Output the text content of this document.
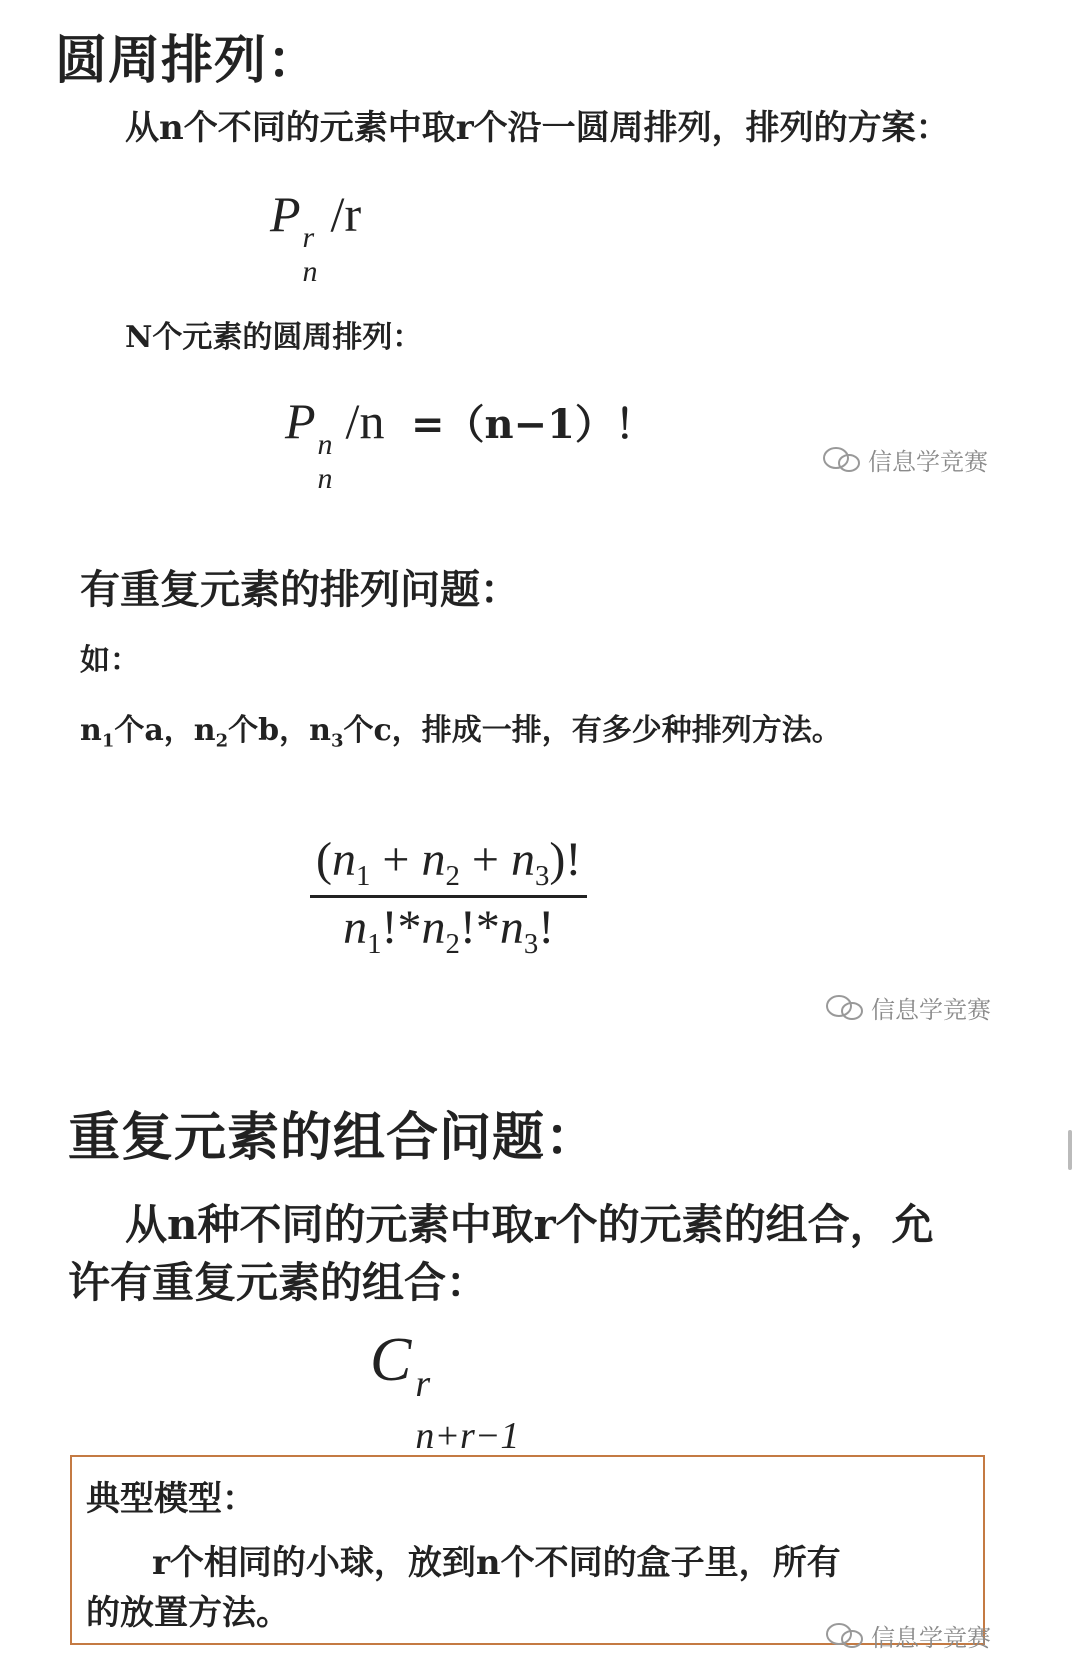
圆周排列：
从n个不同的元素中取r个沿一圆周排列，排列的方案：
P r
n
/r
N个元素的圆周排列：
P n
n
/n =（n−1）！
信息学竞赛
有重复元素的排列问题：
如：
$n_1$个a，$n_2$个b，$n_3$个c，排成一排，有多少种排列方法。
$\frac{(n_1 + n_2 + n_3)!}{n_1!*n_2!*n_3!}$
信息学竞赛
重复元素的组合问题：
从n种不同的元素中取r个的元素的组合，允
许有重复元素的组合：
C r
n+r−1
典型模型：
r个相同的小球，放到n个不同的盒子里，所有
的放置方法。
信息学竞赛
